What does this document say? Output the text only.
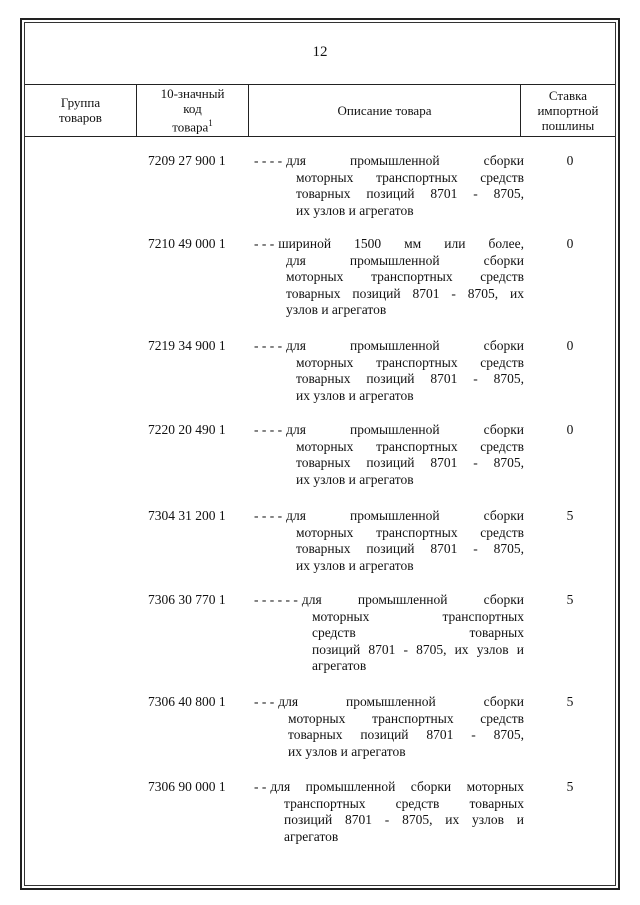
12
Группа
товаров
10-значный
код
товара$^1$
Описание товара
Ставка
импортной
пошлины
7209 27 900 1 - - - - для промышленной сборки
моторных транспортных средств
товарных позиций 8701 - 8705,
их узлов и агрегатов
0
7210 49 000 1 - - - шириной 1500 мм или более,
для промышленной сборки
моторных транспортных средств
товарных позиций 8701 - 8705, их
узлов и агрегатов
0
7219 34 900 1 - - - - для промышленной сборки
моторных транспортных средств
товарных позиций 8701 - 8705,
их узлов и агрегатов
0
7220 20 490 1 - - - - для промышленной сборки
моторных транспортных средств
товарных позиций 8701 - 8705,
их узлов и агрегатов
0
7304 31 200 1 - - - - для промышленной сборки
моторных транспортных средств
товарных позиций 8701 - 8705,
их узлов и агрегатов
5
7306 30 770 1 - - - - - - для промышленной сборки
моторных транспортных
средств товарных
позиций 8701 - 8705, их узлов и
агрегатов
5
7306 40 800 1 - - - для промышленной сборки
моторных транспортных средств
товарных позиций 8701 - 8705,
их узлов и агрегатов
5
7306 90 000 1 - - для промышленной сборки моторных
транспортных средств товарных
позиций 8701 - 8705, их узлов и
агрегатов
5
